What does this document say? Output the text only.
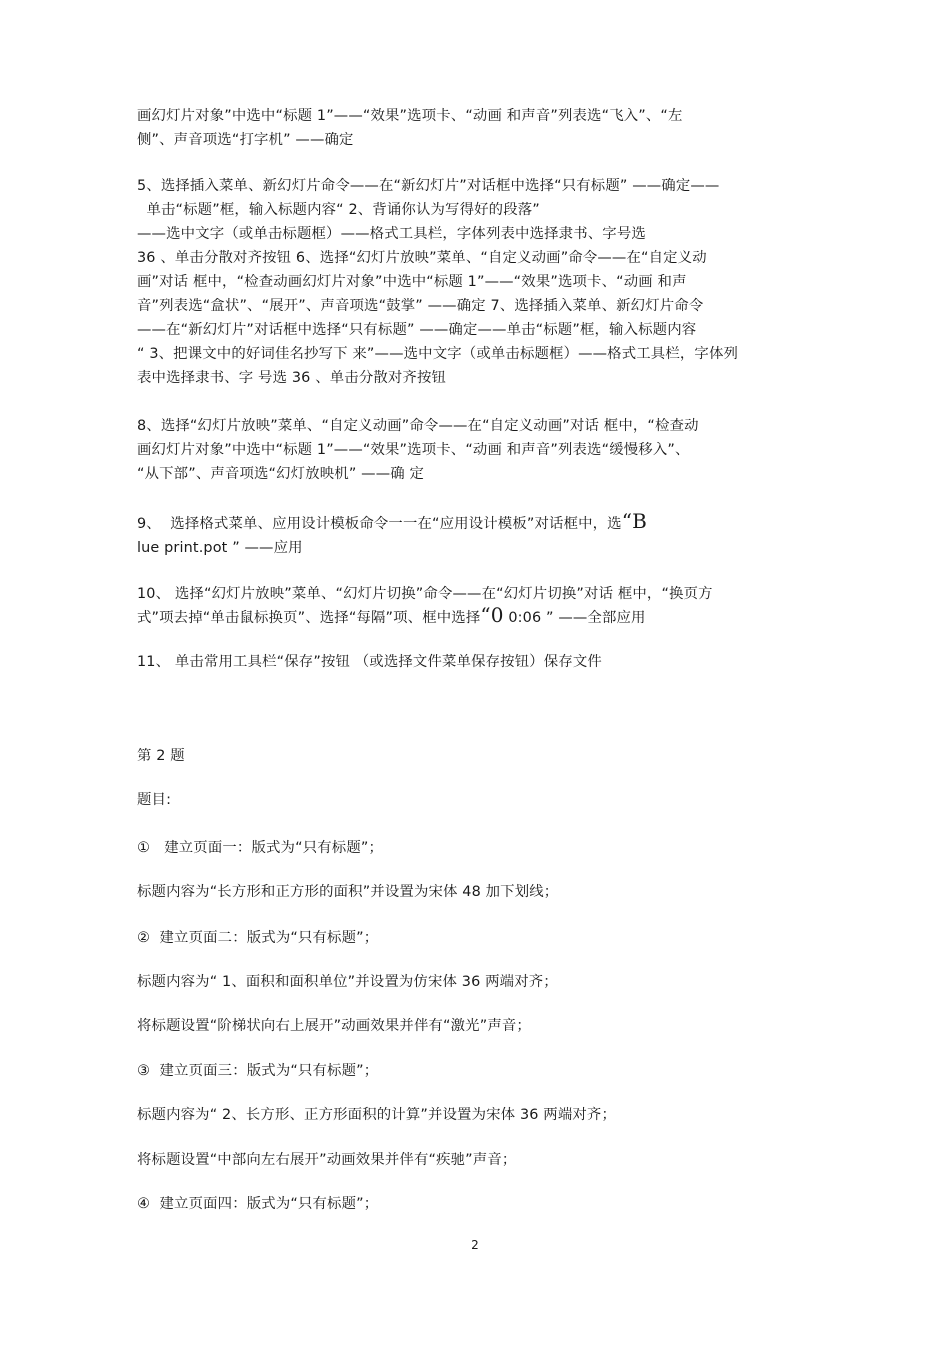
画幻灯片对象”中选中“标题 1”——“效果”选项卡、“动画 和声音”列表选“飞入”、“左
侧”、声音项选“打字机” ——确定

5、选择插入菜单、新幻灯片命令——在“新幻灯片”对话框中选择“只有标题” ——确定——
单击“标题”框，输入标题内容“ 2、背诵你认为写得好的段落”
——选中文字（或单击标题框）——格式工具栏，字体列表中选择隶书、字号选
36 、单击分散对齐按钮 6、选择“幻灯片放映”菜单、“自定义动画”命令——在“自定义动
画”对话 框中，“检查动画幻灯片对象”中选中“标题 1”——“效果”选项卡、“动画 和声
音”列表选“盒状”、“展开”、声音项选“鼓掌” ——确定 7、选择插入菜单、新幻灯片命令
——在“新幻灯片”对话框中选择“只有标题” ——确定——单击“标题”框，输入标题内容
“ 3、把课文中的好词佳名抄写下 来”——选中文字（或单击标题框）——格式工具栏，字体列
表中选择隶书、字 号选 36 、单击分散对齐按钮

8、选择“幻灯片放映”菜单、“自定义动画”命令——在“自定义动画”对话 框中，“检查动
画幻灯片对象”中选中“标题 1”——“效果”选项卡、“动画 和声音”列表选“缓慢移入”、
“从下部”、声音项选“幻灯放映机” ——确 定

9、  选择格式菜单、应用设计模板命令一一在“应用设计模板”对话框中，选“B
lue print.pot ” ——应用

10、 选择“幻灯片放映”菜单、“幻灯片切换”命令——在“幻灯片切换”对话 框中，“换页方
式”项去掉“单击鼠标换页”、选择“每隔”项、框中选择“0 0:06 ” ——全部应用

11、 单击常用工具栏“保存”按钮 （或选择文件菜单保存按钮）保存文件

第 2 题

题目:

①   建立页面一：版式为“只有标题”；

标题内容为“长方形和正方形的面积”并设置为宋体 48 加下划线；

②  建立页面二：版式为“只有标题”；

标题内容为“ 1、面积和面积单位”并设置为仿宋体 36 两端对齐；

将标题设置“阶梯状向右上展开”动画效果并伴有“激光”声音；

③  建立页面三：版式为“只有标题”；

标题内容为“ 2、长方形、正方形面积的计算”并设置为宋体 36 两端对齐；

将标题设置“中部向左右展开”动画效果并伴有“疾驰”声音；

④  建立页面四：版式为“只有标题”；

2
